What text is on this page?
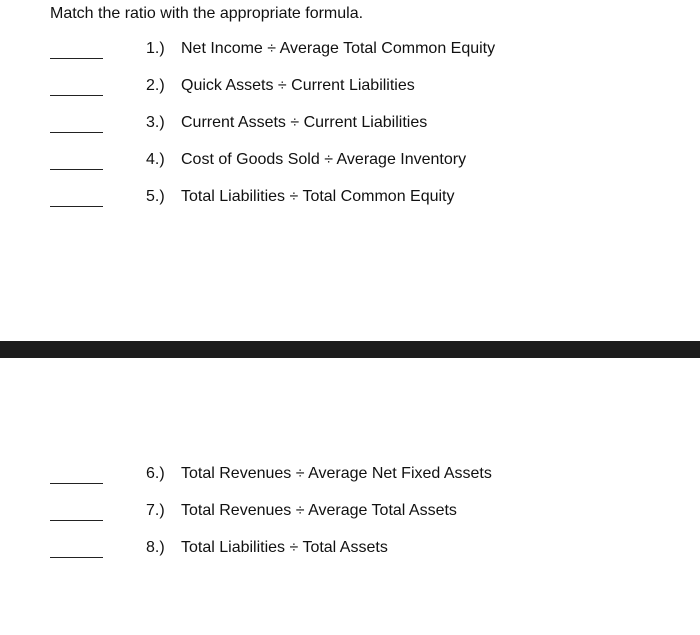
Match the ratio with the appropriate formula.
1.) Net Income ÷ Average Total Common Equity
2.) Quick Assets ÷ Current Liabilities
3.) Current Assets ÷ Current Liabilities
4.) Cost of Goods Sold ÷ Average Inventory
5.) Total Liabilities ÷ Total Common Equity
6.) Total Revenues ÷ Average Net Fixed Assets
7.) Total Revenues ÷ Average Total Assets
8.) Total Liabilities ÷ Total Assets
